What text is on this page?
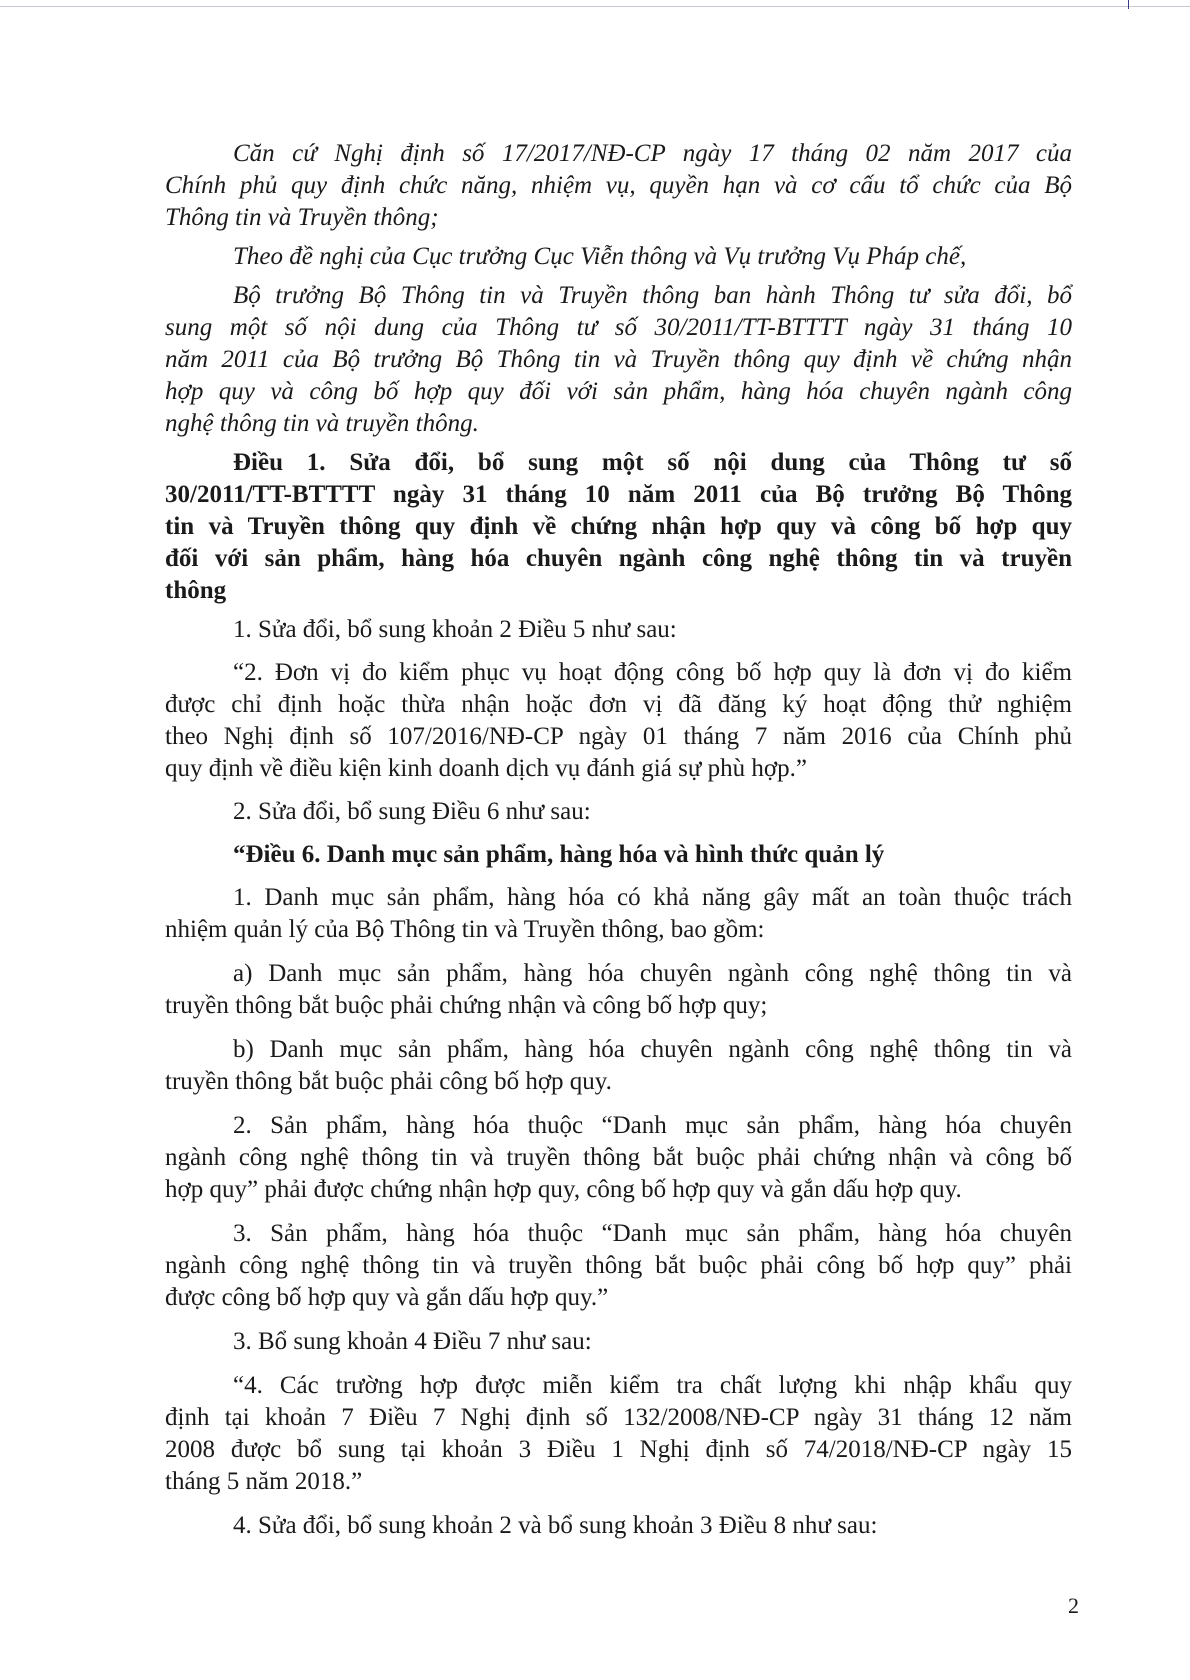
Căn cứ Nghị định số 17/2017/NĐ-CP ngày 17 tháng 02 năm 2017 của
Chính phủ quy định chức năng, nhiệm vụ, quyền hạn và cơ cấu tổ chức của Bộ
Thông tin và Truyền thông;
Theo đề nghị của Cục trưởng Cục Viễn thông và Vụ trưởng Vụ Pháp chế,
Bộ trưởng Bộ Thông tin và Truyền thông ban hành Thông tư sửa đổi, bổ
sung một số nội dung của Thông tư số 30/2011/TT-BTTTT ngày 31 tháng 10
năm 2011 của Bộ trưởng Bộ Thông tin và Truyền thông quy định về chứng nhận
hợp quy và công bố hợp quy đối với sản phẩm, hàng hóa chuyên ngành công
nghệ thông tin và truyền thông.
Điều 1. Sửa đổi, bổ sung một số nội dung của Thông tư số
30/2011/TT-BTTTT ngày 31 tháng 10 năm 2011 của Bộ trưởng Bộ Thông
tin và Truyền thông quy định về chứng nhận hợp quy và công bố hợp quy
đối với sản phẩm, hàng hóa chuyên ngành công nghệ thông tin và truyền
thông
1. Sửa đổi, bổ sung khoản 2 Điều 5 như sau:
“2. Đơn vị đo kiểm phục vụ hoạt động công bố hợp quy là đơn vị đo kiểm
được chỉ định hoặc thừa nhận hoặc đơn vị đã đăng ký hoạt động thử nghiệm
theo Nghị định số 107/2016/NĐ-CP ngày 01 tháng 7 năm 2016 của Chính phủ
quy định về điều kiện kinh doanh dịch vụ đánh giá sự phù hợp.”
2. Sửa đổi, bổ sung Điều 6 như sau:
“Điều 6. Danh mục sản phẩm, hàng hóa và hình thức quản lý
1. Danh mục sản phẩm, hàng hóa có khả năng gây mất an toàn thuộc trách
nhiệm quản lý của Bộ Thông tin và Truyền thông, bao gồm:
a) Danh mục sản phẩm, hàng hóa chuyên ngành công nghệ thông tin và
truyền thông bắt buộc phải chứng nhận và công bố hợp quy;
b) Danh mục sản phẩm, hàng hóa chuyên ngành công nghệ thông tin và
truyền thông bắt buộc phải công bố hợp quy.
2. Sản phẩm, hàng hóa thuộc “Danh mục sản phẩm, hàng hóa chuyên
ngành công nghệ thông tin và truyền thông bắt buộc phải chứng nhận và công bố
hợp quy” phải được chứng nhận hợp quy, công bố hợp quy và gắn dấu hợp quy.
3. Sản phẩm, hàng hóa thuộc “Danh mục sản phẩm, hàng hóa chuyên
ngành công nghệ thông tin và truyền thông bắt buộc phải công bố hợp quy” phải
được công bố hợp quy và gắn dấu hợp quy.”
3. Bổ sung khoản 4 Điều 7 như sau:
“4. Các trường hợp được miễn kiểm tra chất lượng khi nhập khẩu quy
định tại khoản 7 Điều 7 Nghị định số 132/2008/NĐ-CP ngày 31 tháng 12 năm
2008 được bổ sung tại khoản 3 Điều 1 Nghị định số 74/2018/NĐ-CP ngày 15
tháng 5 năm 2018.”
4. Sửa đổi, bổ sung khoản 2 và bổ sung khoản 3 Điều 8 như sau:
2
